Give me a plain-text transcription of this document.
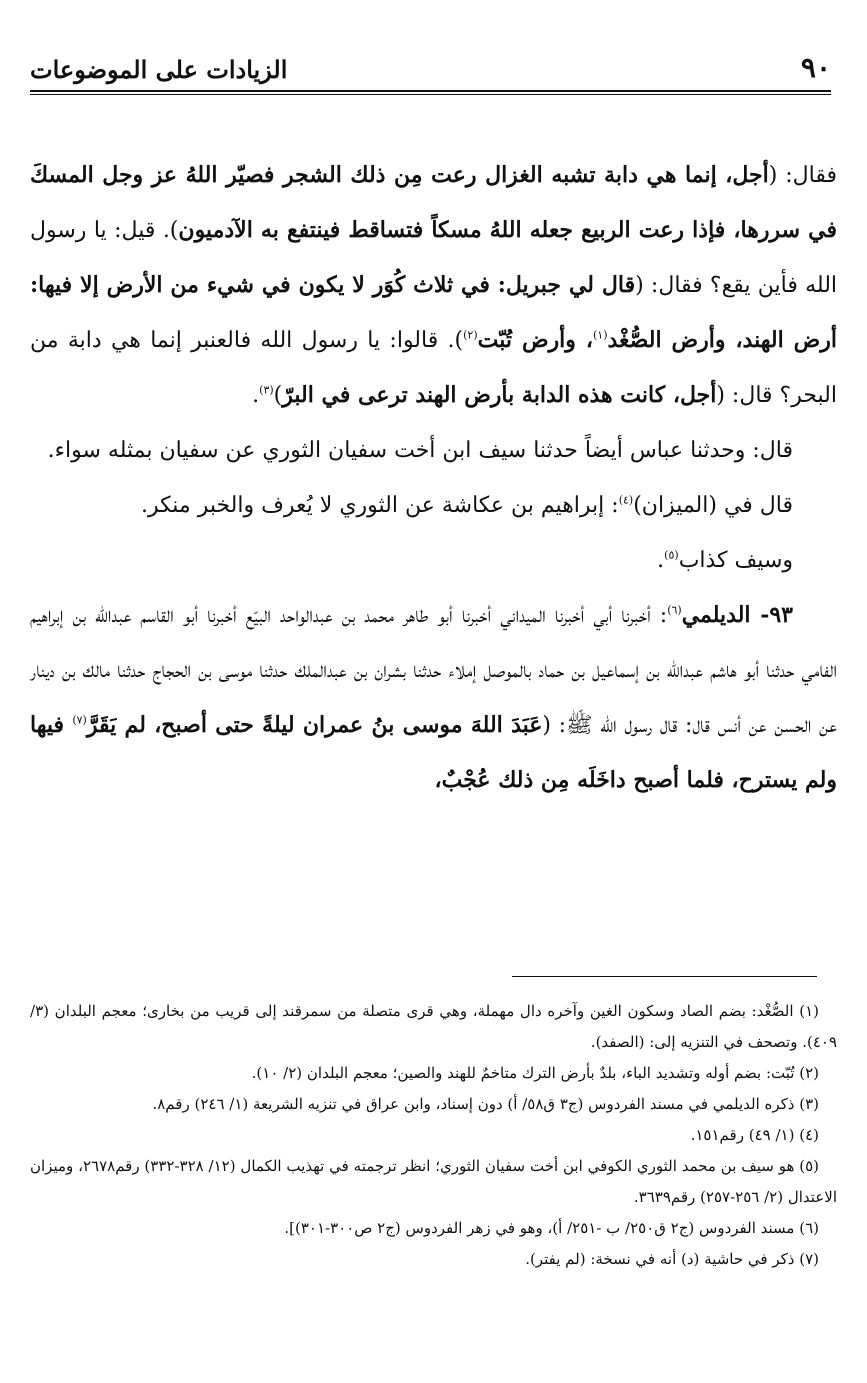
٩٠
الزيادات على الموضوعات

فقال: (أجل، إنما هي دابة تشبه الغزال رعت مِن ذلك الشجر فصيّر اللهُ عز وجل المسكَ في سررها، فإذا رعت الربيع جعله اللهُ مسكاً فتساقط فينتفع به الآدميون). قيل: يا رسول الله فأين يقع؟ فقال: (قال لي جبريل: في ثلاث كُوَر لا يكون في شيء من الأرض إلا فيها: أرض الهند، وأرض الصُّغْد$^{(١)}$، وأرض تُبّت$^{(٢)}$). قالوا: يا رسول الله فالعنبر إنما هي دابة من البحر؟ قال: (أجل، كانت هذه الدابة بأرض الهند ترعى في البرّ)$^{(٣)}$.

قال: وحدثنا عباس أيضاً حدثنا سيف ابن أخت سفيان الثوري عن سفيان بمثله سواء.

قال في (الميزان)$^{(٤)}$: إبراهيم بن عكاشة عن الثوري لا يُعرف والخبر منكر.

وسيف كذاب$^{(٥)}$.

٩٣- الديلمي$^{(٦)}$: أخبرنا أبي أخبرنا الميداني أخبرنا أبو طاهر محمد بن عبدالواحد البيّع أخبرنا أبو القاسم عبدالله بن إبراهيم الفامي حدثنا أبو هاشم عبدالله بن إسماعيل بن حماد بالموصل إملاء حدثنا بشران بن عبدالملك حدثنا موسى بن الحجاج حدثنا مالك بن دينار عن الحسن عن أنس قال: قال رسول الله ﷺ: (عَبَدَ اللهَ موسى بنُ عمران ليلةً حتى أصبح، لم يَقَرَّ$^{(٧)}$ فيها ولم يسترح، فلما أصبح داخَلَه مِن ذلك عُجْبٌ،

(١) الصُّغْد: بضم الصاد وسكون الغين وآخره دال مهملة، وهي قرى متصلة من سمرقند إلى قريب من بخارى؛ معجم البلدان (٣/ ٤٠٩). وتصحف في التنزيه إلى: (الصفد).

(٢) تُبّت: بضم أوله وتشديد الباء، بلدٌ بأرض الترك متاخمٌ للهند والصين؛ معجم البلدان (٢/ ١٠).

(٣) ذكره الديلمي في مسند الفردوس (ج٣ ق٥٨/ أ) دون إسناد، وابن عراق في تنزيه الشريعة (١/ ٢٤٦) رقم٨.

(٤) (١/ ٤٩) رقم١٥١.

(٥) هو سيف بن محمد الثوري الكوفي ابن أخت سفيان الثوري؛ انظر ترجمته في تهذيب الكمال (١٢/ ٣٢٨-٣٣٢) رقم٢٦٧٨، وميزان الاعتدال (٢/ ٢٥٦-٢٥٧) رقم٣٦٣٩.

(٦) مسند الفردوس (ج٢ ق٢٥٠/ ب -٢٥١/ أ)، وهو في زهر الفردوس (ج٢ ص٣٠٠-٣٠١)].

(٧) ذكر في حاشية (د) أنه في نسخة: (لم يفتر).
